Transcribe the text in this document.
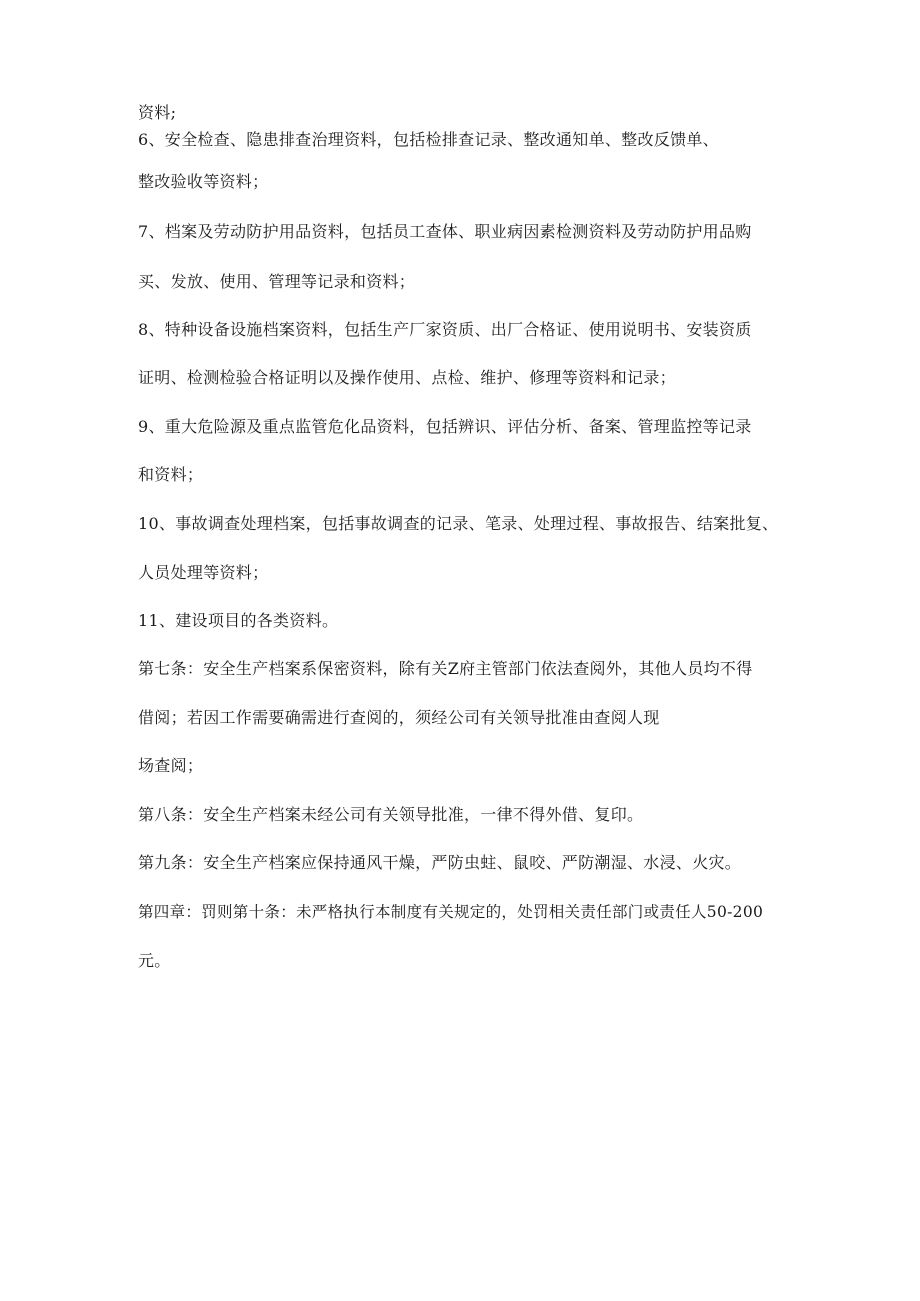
资料;
6、安全检查、隐患排查治理资料，包括检排查记录、整改通知单、整改反馈单、
整改验收等资料；
7、档案及劳动防护用品资料，包括员工查体、职业病因素检测资料及劳动防护用品购
买、发放、使用、管理等记录和资料；
8、特种设备设施档案资料，包括生产厂家资质、出厂合格证、使用说明书、安装资质
证明、检测检验合格证明以及操作使用、点检、维护、修理等资料和记录；
9、重大危险源及重点监管危化品资料，包括辨识、评估分析、备案、管理监控等记录
和资料；
10、事故调查处理档案，包括事故调查的记录、笔录、处理过程、事故报告、结案批复、
人员处理等资料；
11、建设项目的各类资料。
第七条：安全生产档案系保密资料，除有关Z府主管部门依法查阅外，其他人员均不得
借阅；若因工作需要确需进行查阅的，须经公司有关领导批准由查阅人现
场查阅；
第八条：安全生产档案未经公司有关领导批准，一律不得外借、复印。
第九条：安全生产档案应保持通风干燥，严防虫蛀、鼠咬、严防潮湿、水浸、火灾。
第四章：罚则第十条：未严格执行本制度有关规定的，处罚相关责任部门或责任人50-200
元。
